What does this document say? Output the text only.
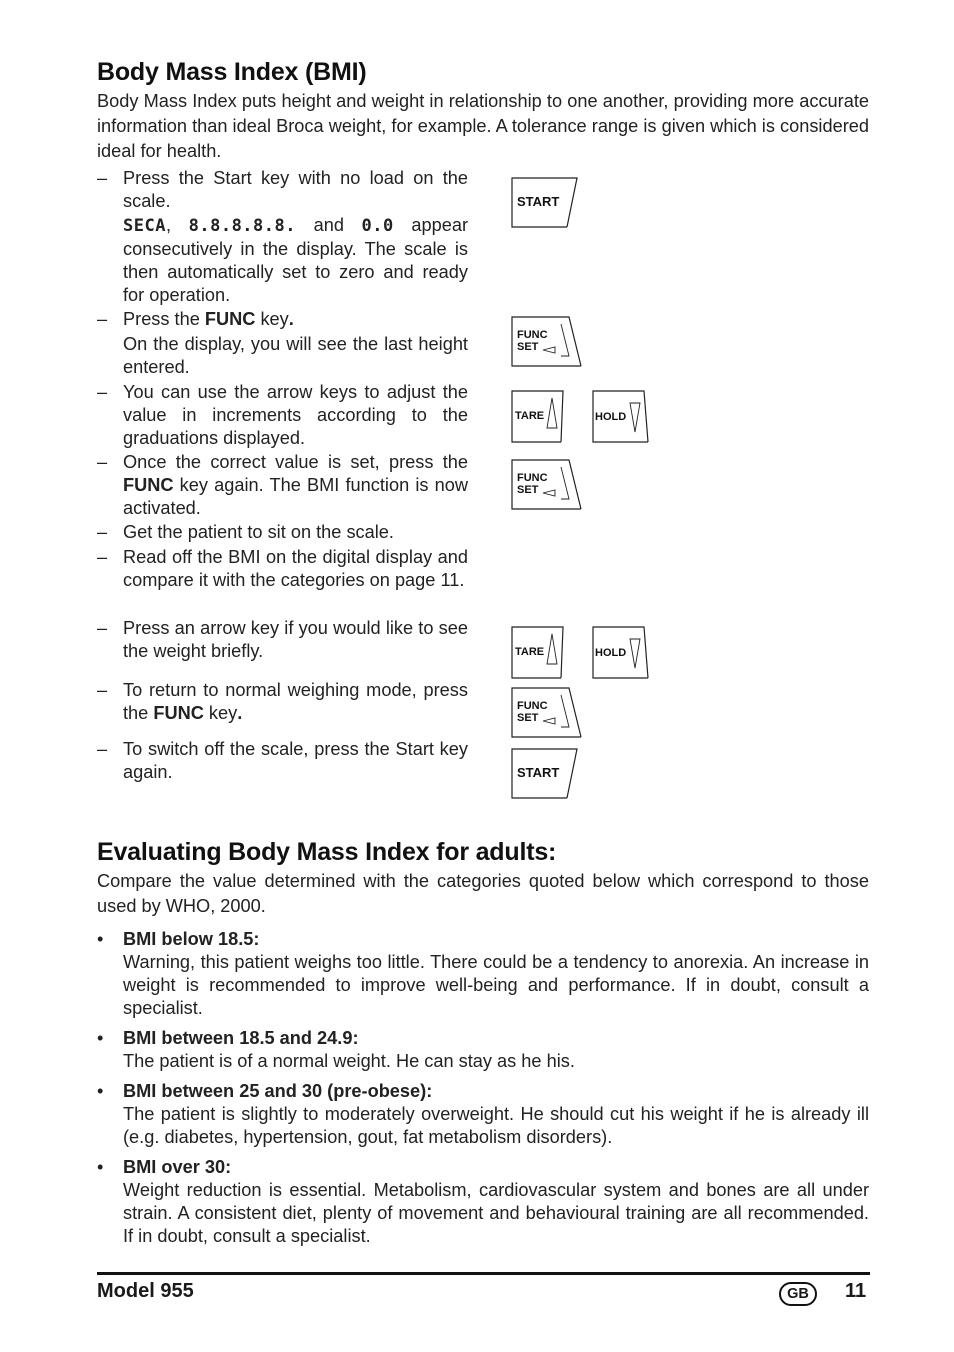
Body Mass Index (BMI)

Body Mass Index puts height and weight in relationship to one another, providing more accurate information than ideal Broca weight, for example. A tolerance range is given which is considered ideal for health.

– Press the Start key with no load on the scale.

SECA, 8.8.8.8.8. and 0.0 appear consecutively in the display. The scale is then automatically set to zero and ready for operation.

– Press the FUNC key.

On the display, you will see the last height entered.

– You can use the arrow keys to adjust the value in increments according to the graduations displayed.

– Once the correct value is set, press the FUNC key again. The BMI function is now activated.

– Get the patient to sit on the scale.

– Read off the BMI on the digital display and compare it with the categories on page 11.

– Press an arrow key if you would like to see the weight briefly.

– To return to normal weighing mode, press the FUNC key.

– To switch off the scale, press the Start key again.

START
FUNC
SET
TARE	HOLD
FUNC
SET
TARE	HOLD
FUNC
SET
START
Evaluating Body Mass Index for adults:

Compare the value determined with the categories quoted below which correspond to those used by WHO, 2000.

• BMI below 18.5:
Warning, this patient weighs too little. There could be a tendency to anorexia. An increase in weight is recommended to improve well-being and performance. If in doubt, consult a specialist.
• BMI between 18.5 and 24.9:
The patient is of a normal weight. He can stay as he his.
• BMI between 25 and 30 (pre-obese):
The patient is slightly to moderately overweight. He should cut his weight if he is already ill (e.g. diabetes, hypertension, gout, fat metabolism disorders).
• BMI over 30:
Weight reduction is essential. Metabolism, cardiovascular system and bones are all under strain. A consistent diet, plenty of movement and behavioural training are all recommended. If in doubt, consult a specialist.
Model 955	GB	11
